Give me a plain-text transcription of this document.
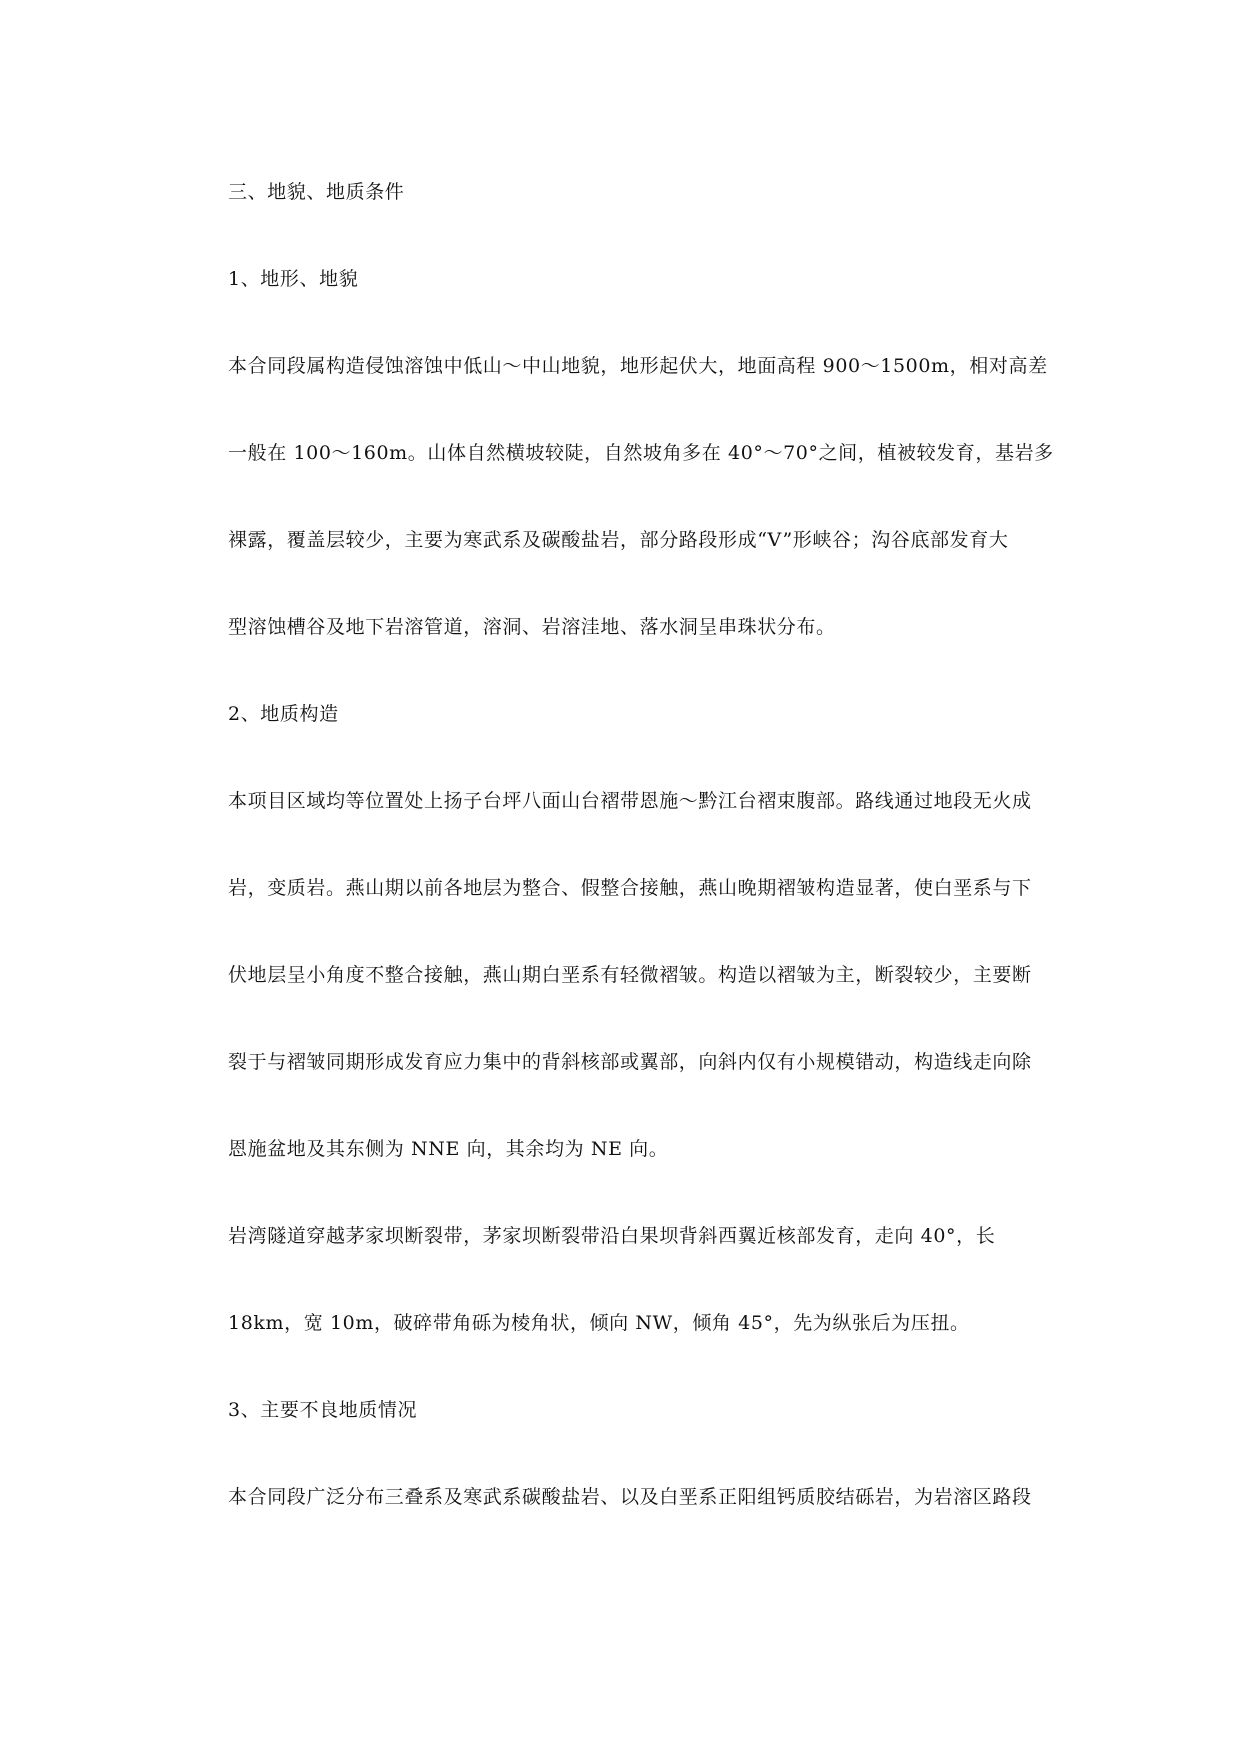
三、地貌、地质条件
1、地形、地貌
本合同段属构造侵蚀溶蚀中低山～中山地貌，地形起伏大，地面高程 900～1500m，相对高差
一般在 100～160m。山体自然横坡较陡，自然坡角多在 40°～70°之间，植被较发育，基岩多
裸露，覆盖层较少，主要为寒武系及碳酸盐岩，部分路段形成“V”形峡谷；沟谷底部发育大
型溶蚀槽谷及地下岩溶管道，溶洞、岩溶洼地、落水洞呈串珠状分布。
2、地质构造
本项目区域均等位置处上扬子台坪八面山台褶带恩施～黔江台褶束腹部。路线通过地段无火成
岩，变质岩。燕山期以前各地层为整合、假整合接触，燕山晚期褶皱构造显著，使白垩系与下
伏地层呈小角度不整合接触，燕山期白垩系有轻微褶皱。构造以褶皱为主，断裂较少，主要断
裂于与褶皱同期形成发育应力集中的背斜核部或翼部，向斜内仅有小规模错动，构造线走向除
恩施盆地及其东侧为 NNE 向，其余均为 NE 向。
岩湾隧道穿越茅家坝断裂带，茅家坝断裂带沿白果坝背斜西翼近核部发育，走向 40°，长
18km，宽 10m，破碎带角砾为棱角状，倾向 NW，倾角 45°，先为纵张后为压扭。
3、主要不良地质情况
本合同段广泛分布三叠系及寒武系碳酸盐岩、以及白垩系正阳组钙质胶结砾岩，为岩溶区路段
